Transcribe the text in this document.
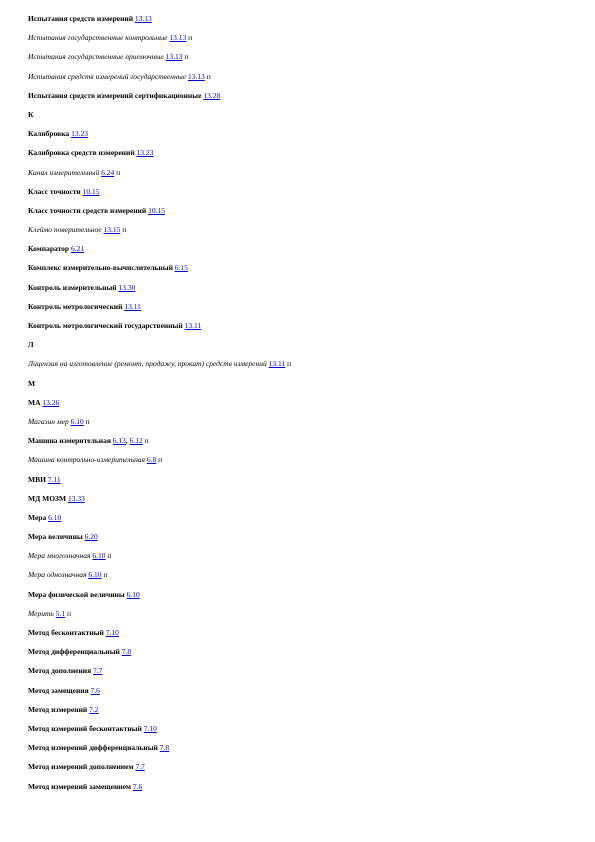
Испытания средств измерений 13.13
Испытания государственные контрольные 13.13 п
Испытания государственные приемочные 13.13 п
Испытания средств измерений государственные 13.13 п
Испытания средств измерений сертификационные 13.28
К
Калибровка 13.23
Калибровка средств измерений 13.23
Канал измерительный 6.24 п
Класс точности 10.15
Класс точности средств измерений 10.15
Клеймо поверительное 13.15 п
Компаратор 6.21
Комплекс измерительно-вычислительный 6.15
Контроль измерительный 13.30
Контроль метрологический 13.11
Контроль метрологический государственный 13.11
Л
Лицензия на изготовление (ремонт, продажу, прокат) средств измерений 13.11 п
М
МА 13.26
Магазин мер 6.10 п
Машина измерительная 6.13, 6.12 п
Машина контрольно-измерительная 6.8 п
МВИ 7.11
МД МОЗМ 13.33
Мера 6.10
Мера величины 6.20
Мера многозначная 6.10 п
Мера однозначная 6.10 п
Мера физической величины 6.10
Мерить 5.1 п
Метод бесконтактный 7.10
Метод дифференциальный 7.8
Метод дополнения 7.7
Метод замещения 7.6
Метод измерений 7.2
Метод измерений бесконтактный 7.10
Метод измерений дифференциальный 7.8
Метод измерений дополнением 7.7
Метод измерений замещением 7.6
